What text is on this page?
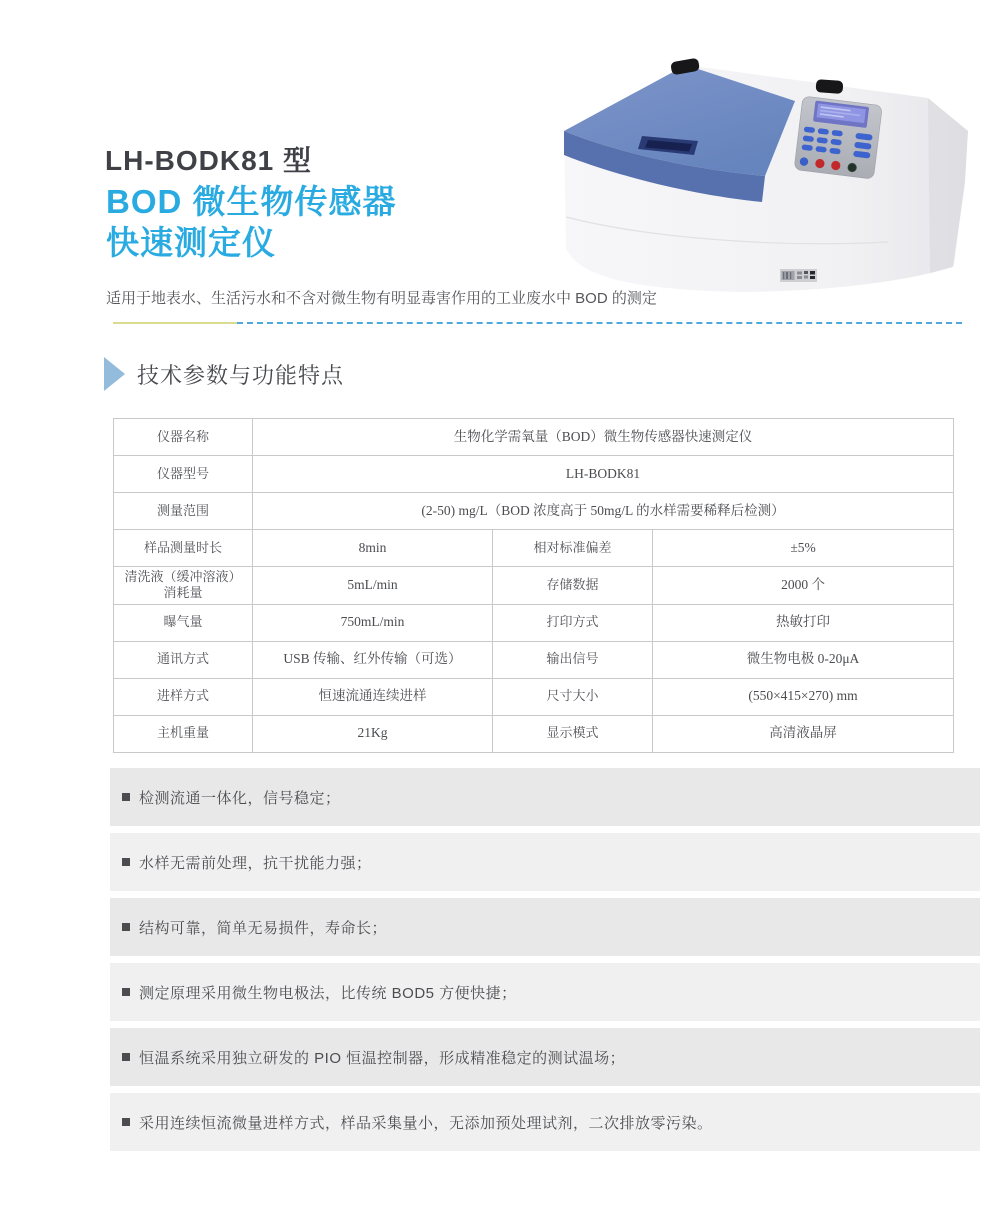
LH-BODK81 型
BOD 微生物传感器
快速测定仪
适用于地表水、生活污水和不含对微生物有明显毒害作用的工业废水中 BOD 的测定
技术参数与功能特点
仪器名称	生物化学需氧量（BOD）微生物传感器快速测定仪		
仪器型号	LH-BODK81		
测量范围	(2-50) mg/L（BOD 浓度高于 50mg/L 的水样需要稀释后检测）		
样品测量时长	8min	相对标准偏差	±5%
清洗液（缓冲溶液）消耗量	5mL/min	存储数据	2000 个
曝气量	750mL/min	打印方式	热敏打印
通讯方式	USB 传输、红外传输（可选）	输出信号	微生物电极 0-20μA
进样方式	恒速流通连续进样	尺寸大小	(550×415×270) mm
主机重量	21Kg	显示模式	高清液晶屏
检测流通一体化，信号稳定；
水样无需前处理，抗干扰能力强；
结构可靠，简单无易损件，寿命长；
测定原理采用微生物电极法，比传统 BOD5 方便快捷；
恒温系统采用独立研发的 PIO 恒温控制器，形成精准稳定的测试温场；
采用连续恒流微量进样方式，样品采集量小，无添加预处理试剂，二次排放零污染。
